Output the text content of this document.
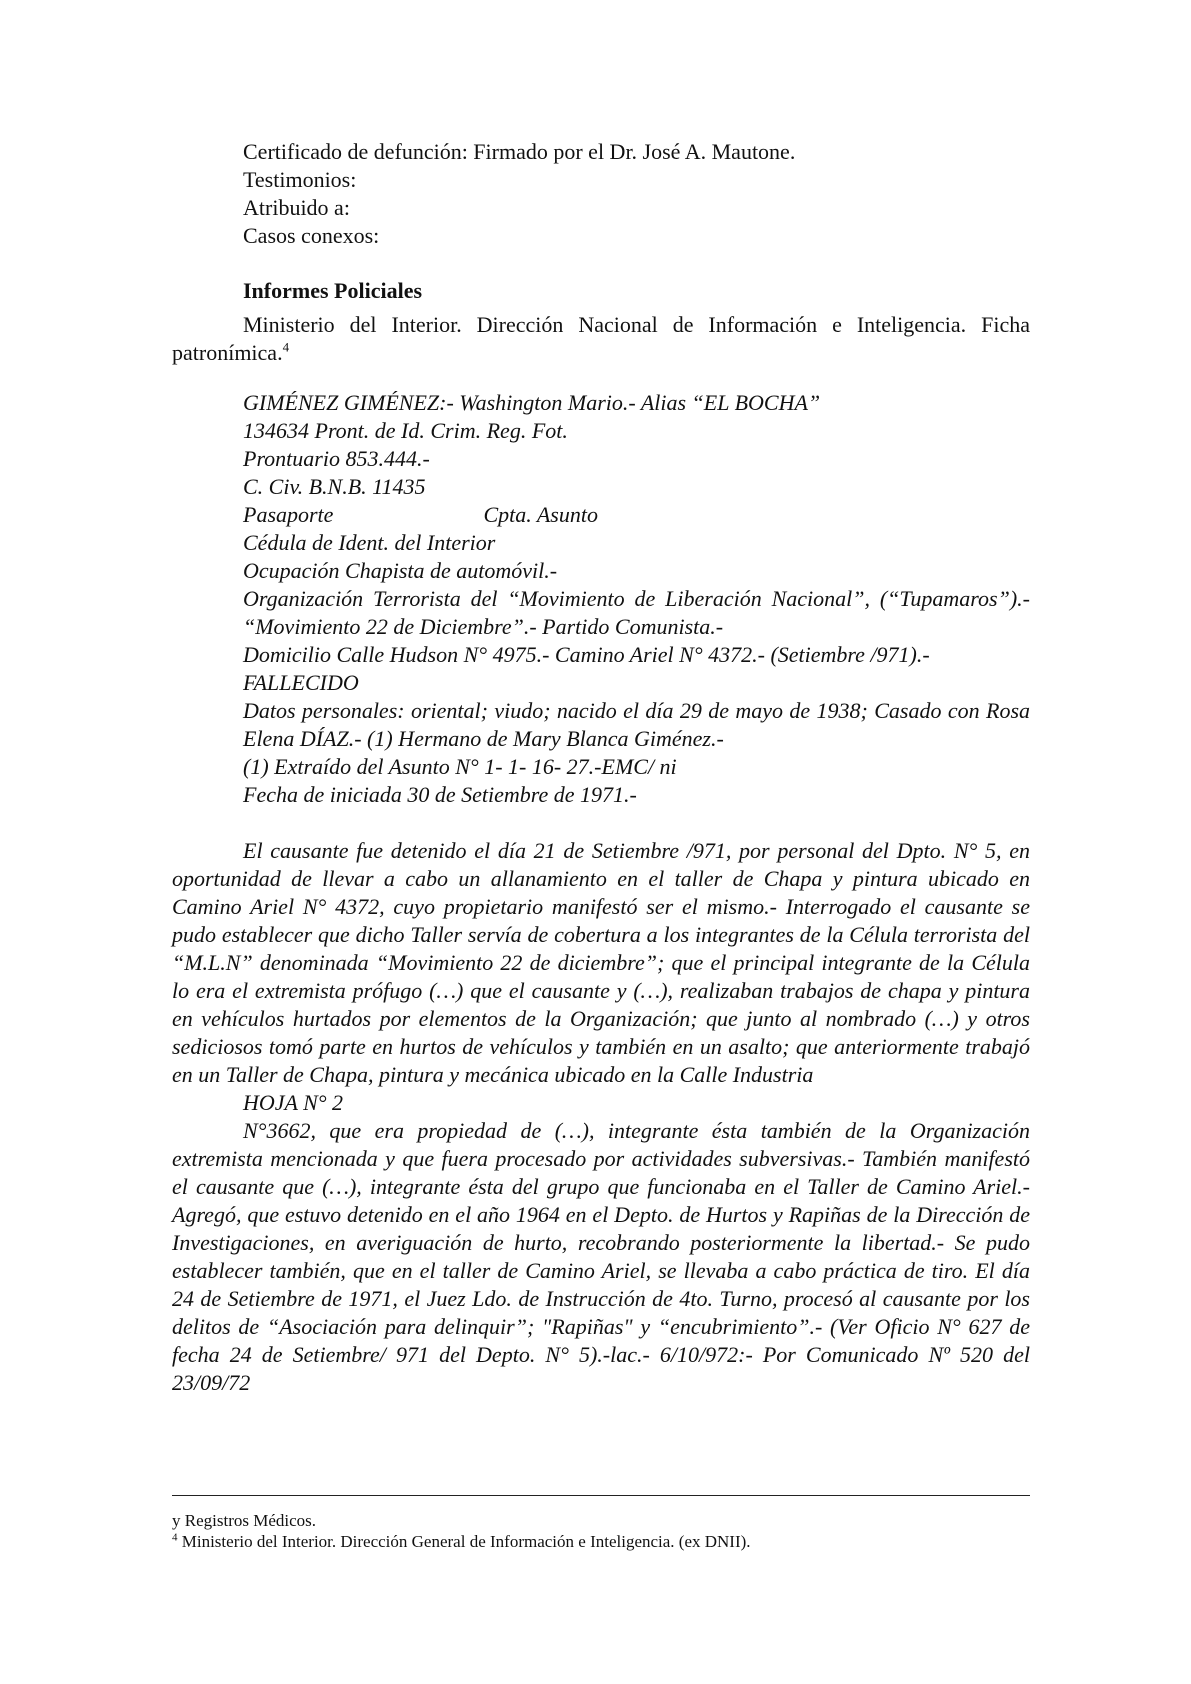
Certificado de defunción: Firmado por el Dr. José A. Mautone.
Testimonios:
Atribuido a:
Casos conexos:
Informes Policiales

Ministerio del Interior. Dirección Nacional de Información e Inteligencia. Ficha patronímica.$^4$

GIMÉNEZ GIMÉNEZ:- Washington Mario.- Alias “EL BOCHA”
134634 Pront. de Id. Crim. Reg. Fot.
Prontuario 853.444.-
C. Civ. B.N.B. 11435
Pasaporte	Cpta. Asunto
Cédula de Ident. del Interior
Ocupación Chapista de automóvil.-
Organización Terrorista del “Movimiento de Liberación Nacional”, (“Tupamaros”).- “Movimiento 22 de Diciembre”.- Partido Comunista.-
Domicilio Calle Hudson N° 4975.- Camino Ariel N° 4372.- (Setiembre /971).-
FALLECIDO
Datos personales: oriental; viudo; nacido el día 29 de mayo de 1938; Casado con Rosa Elena DÍAZ.- (1) Hermano de Mary Blanca Giménez.-
(1) Extraído del Asunto N° 1- 1- 16- 27.-EMC/ ni
Fecha de iniciada 30 de Setiembre de 1971.-

El causante fue detenido el día 21 de Setiembre /971, por personal del Dpto. N° 5, en oportunidad de llevar a cabo un allanamiento en el taller de Chapa y pintura ubicado en Camino Ariel N° 4372, cuyo propietario manifestó ser el mismo.- Interrogado el causante se pudo establecer que dicho Taller servía de cobertura a los integrantes de la Célula terrorista del “M.L.N” denominada “Movimiento 22 de diciembre”; que el principal integrante de la Célula lo era el extremista prófugo (…) que el causante y (…), realizaban trabajos de chapa y pintura en vehículos hurtados por elementos de la Organización; que junto al nombrado (…) y otros sediciosos tomó parte en hurtos de vehículos y también en un asalto; que anteriormente trabajó en un Taller de Chapa, pintura y mecánica ubicado en la Calle Industria

HOJA N° 2

N°3662, que era propiedad de (…), integrante ésta también de la Organización extremista mencionada y que fuera procesado por actividades subversivas.- También manifestó el causante que (…), integrante ésta del grupo que funcionaba en el Taller de Camino Ariel.- Agregó, que estuvo detenido en el año 1964 en el Depto. de Hurtos y Rapiñas de la Dirección de Investigaciones, en averiguación de hurto, recobrando posteriormente la libertad.- Se pudo establecer también, que en el taller de Camino Ariel, se llevaba a cabo práctica de tiro. El día 24 de Setiembre de 1971, el Juez Ldo. de Instrucción de 4to. Turno, procesó al causante por los delitos de “Asociación para delinquir”; "Rapiñas" y “encubrimiento”.- (Ver Oficio N° 627 de fecha 24 de Setiembre/ 971 del Depto. N° 5).-lac.- 6/10/972:- Por Comunicado Nº 520 del 23/09/72

y Registros Médicos.
$^4$ Ministerio del Interior. Dirección General de Información e Inteligencia. (ex DNII).
